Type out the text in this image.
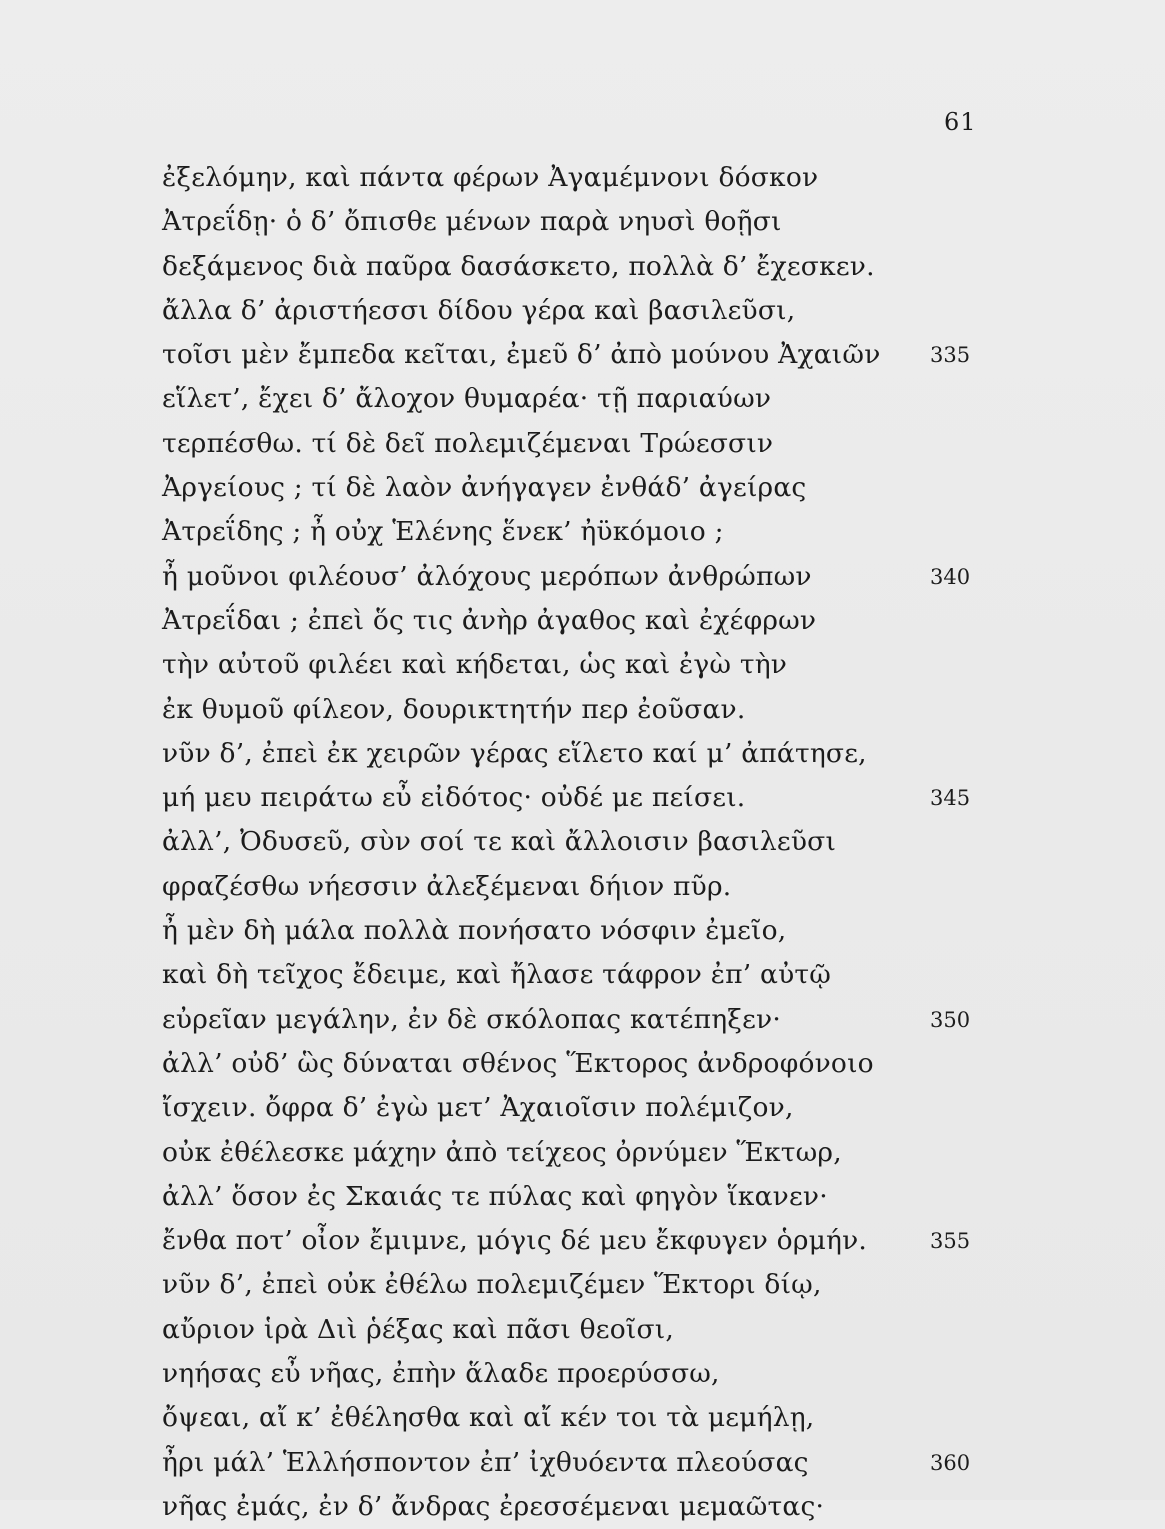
61
ἐξελόμην, καὶ πάντα φέρων Ἀγαμέμνονι δόσκον
Ἀτρεΐδῃ· ὁ δ’ ὄπισθε μένων παρὰ νηυσὶ θοῇσι
δεξάμενος διὰ παῦρα δασάσκετο, πολλὰ δ’ ἔχεσκεν.
ἄλλα δ’ ἀριστήεσσι δίδου γέρα καὶ βασιλεῦσι,
τοῖσι μὲν ἔμπεδα κεῖται, ἐμεῦ δ’ ἀπὸ μούνου Ἀχαιῶν 335
εἵλετ’, ἔχει δ’ ἄλοχον θυμαρέα· τῇ παριαύων
τερπέσθω. τί δὲ δεῖ πολεμιζέμεναι Τρώεσσιν
Ἀργείους ; τί δὲ λαὸν ἀνήγαγεν ἐνθάδ’ ἀγείρας
Ἀτρεΐδης ; ἦ οὐχ Ἑλένης ἕνεκ’ ἠϋκόμοιο ;
ἦ μοῦνοι φιλέουσ’ ἀλόχους μερόπων ἀνθρώπων	340
Ἀτρεΐδαι ; ἐπεὶ ὅς τις ἀνὴρ ἀγαθος καὶ ἐχέφρων
τὴν αὐτοῦ φιλέει καὶ κήδεται, ὡς καὶ ἐγὼ τὴν
ἐκ θυμοῦ φίλεον, δουρικτητήν περ ἐοῦσαν.
νῦν δ’, ἐπεὶ ἐκ χειρῶν γέρας εἵλετο καί μ’ ἀπάτησε,
μή μευ πειράτω εὖ εἰδότος· οὐδέ με πείσει.	345
ἀλλ’, Ὀδυσεῦ, σὺν σοί τε καὶ ἄλλοισιν βασιλεῦσι
φραζέσθω νήεσσιν ἀλεξέμεναι δήιον πῦρ.
ἦ μὲν δὴ μάλα πολλὰ πονήσατο νόσφιν ἐμεῖο,
καὶ δὴ τεῖχος ἔδειμε, καὶ ἤλασε τάφρον ἐπ’ αὐτῷ
εὐρεῖαν μεγάλην, ἐν δὲ σκόλοπας κατέπηξεν·	350
ἀλλ’ οὐδ’ ὣς δύναται σθένος Ἕκτορος ἀνδροφόνοιο
ἴσχειν. ὄφρα δ’ ἐγὼ μετ’ Ἀχαιοῖσιν πολέμιζον,
οὐκ ἐθέλεσκε μάχην ἀπὸ τείχεος ὀρνύμεν Ἕκτωρ,
ἀλλ’ ὅσον ἐς Σκαιάς τε πύλας καὶ φηγὸν ἵκανεν·
ἔνθα ποτ’ οἶον ἔμιμνε, μόγις δέ μευ ἔκφυγεν ὁρμήν.	355
νῦν δ’, ἐπεὶ οὐκ ἐθέλω πολεμιζέμεν Ἕκτορι δίῳ,
αὔριον ἱρὰ Διὶ ῥέξας καὶ πᾶσι θεοῖσι,
νηήσας εὖ νῆας, ἐπὴν ἅλαδε προερύσσω,
ὄψεαι, αἴ κ’ ἐθέλησθα καὶ αἴ κέν τοι τὰ μεμήλῃ,
ἦρι μάλ’ Ἑλλήσποντον ἐπ’ ἰχθυόεντα πλεούσας	360
νῆας ἐμάς, ἐν δ’ ἄνδρας ἐρεσσέμεναι μεμαῶτας·
